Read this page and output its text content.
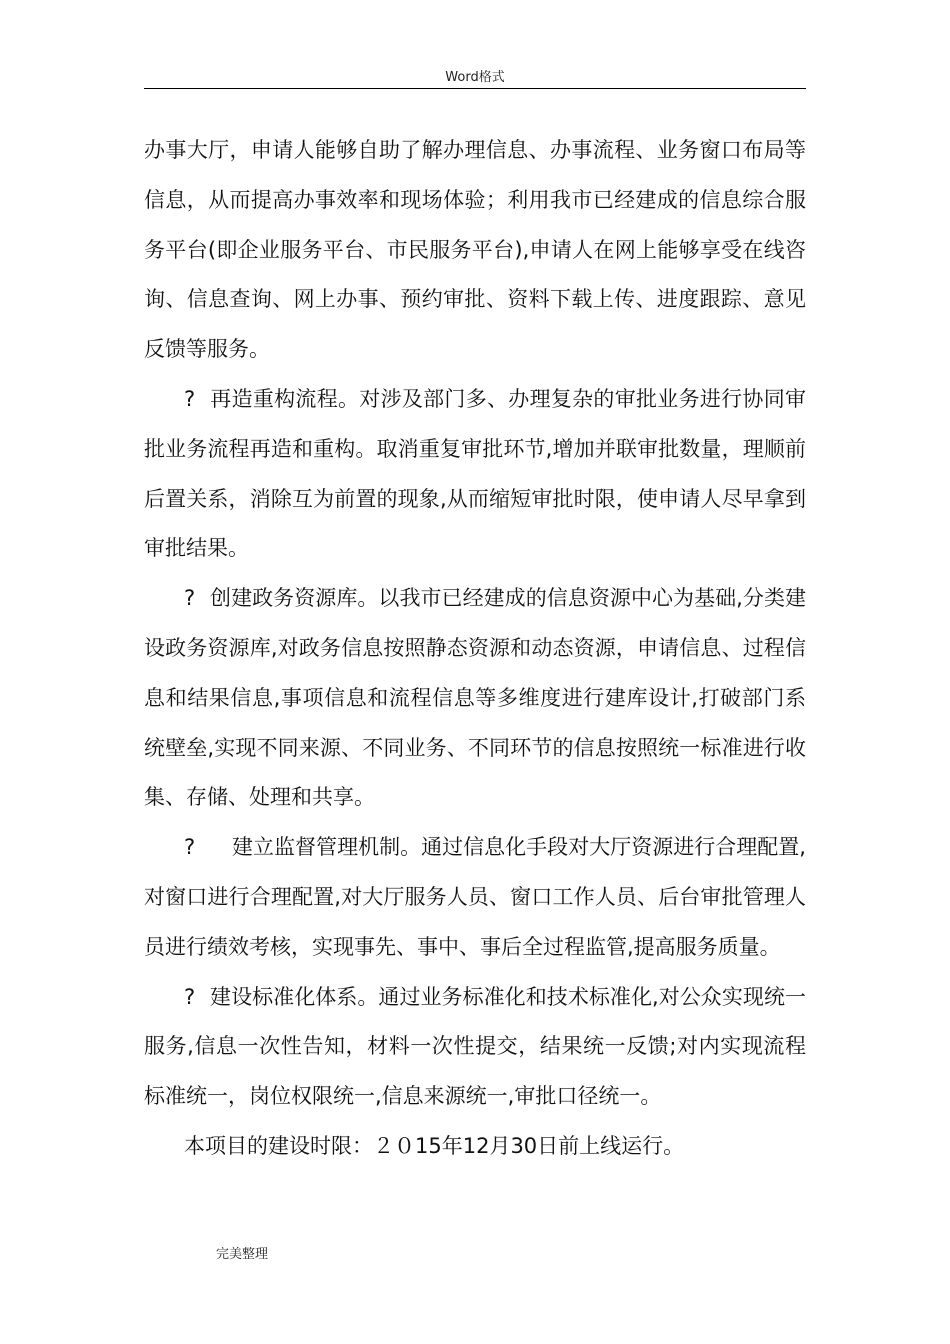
Word格式

办事大厅，申请人能够自助了解办理信息、办事流程、业务窗口布局等信息，从而提高办事效率和现场体验；利用我市已经建成的信息综合服务平台(即企业服务平台、市民服务平台),申请人在网上能够享受在线咨询、信息查询、网上办事、预约审批、资料下载上传、进度跟踪、意见反馈等服务。

? 再造重构流程。对涉及部门多、办理复杂的审批业务进行协同审批业务流程再造和重构。取消重复审批环节,增加并联审批数量，理顺前后置关系，消除互为前置的现象,从而缩短审批时限，使申请人尽早拿到审批结果。

? 创建政务资源库。以我市已经建成的信息资源中心为基础,分类建设政务资源库,对政务信息按照静态资源和动态资源，申请信息、过程信息和结果信息,事项信息和流程信息等多维度进行建库设计,打破部门系统壁垒,实现不同来源、不同业务、不同环节的信息按照统一标准进行收集、存储、处理和共享。

? 建立监督管理机制。通过信息化手段对大厅资源进行合理配置,对窗口进行合理配置,对大厅服务人员、窗口工作人员、后台审批管理人员进行绩效考核，实现事先、事中、事后全过程监管,提高服务质量。

? 建设标准化体系。通过业务标准化和技术标准化,对公众实现统一服务,信息一次性告知，材料一次性提交，结果统一反馈;对内实现流程标准统一，岗位权限统一,信息来源统一,审批口径统一。

本项目的建设时限：２０15年12月30日前上线运行。

完美整理
